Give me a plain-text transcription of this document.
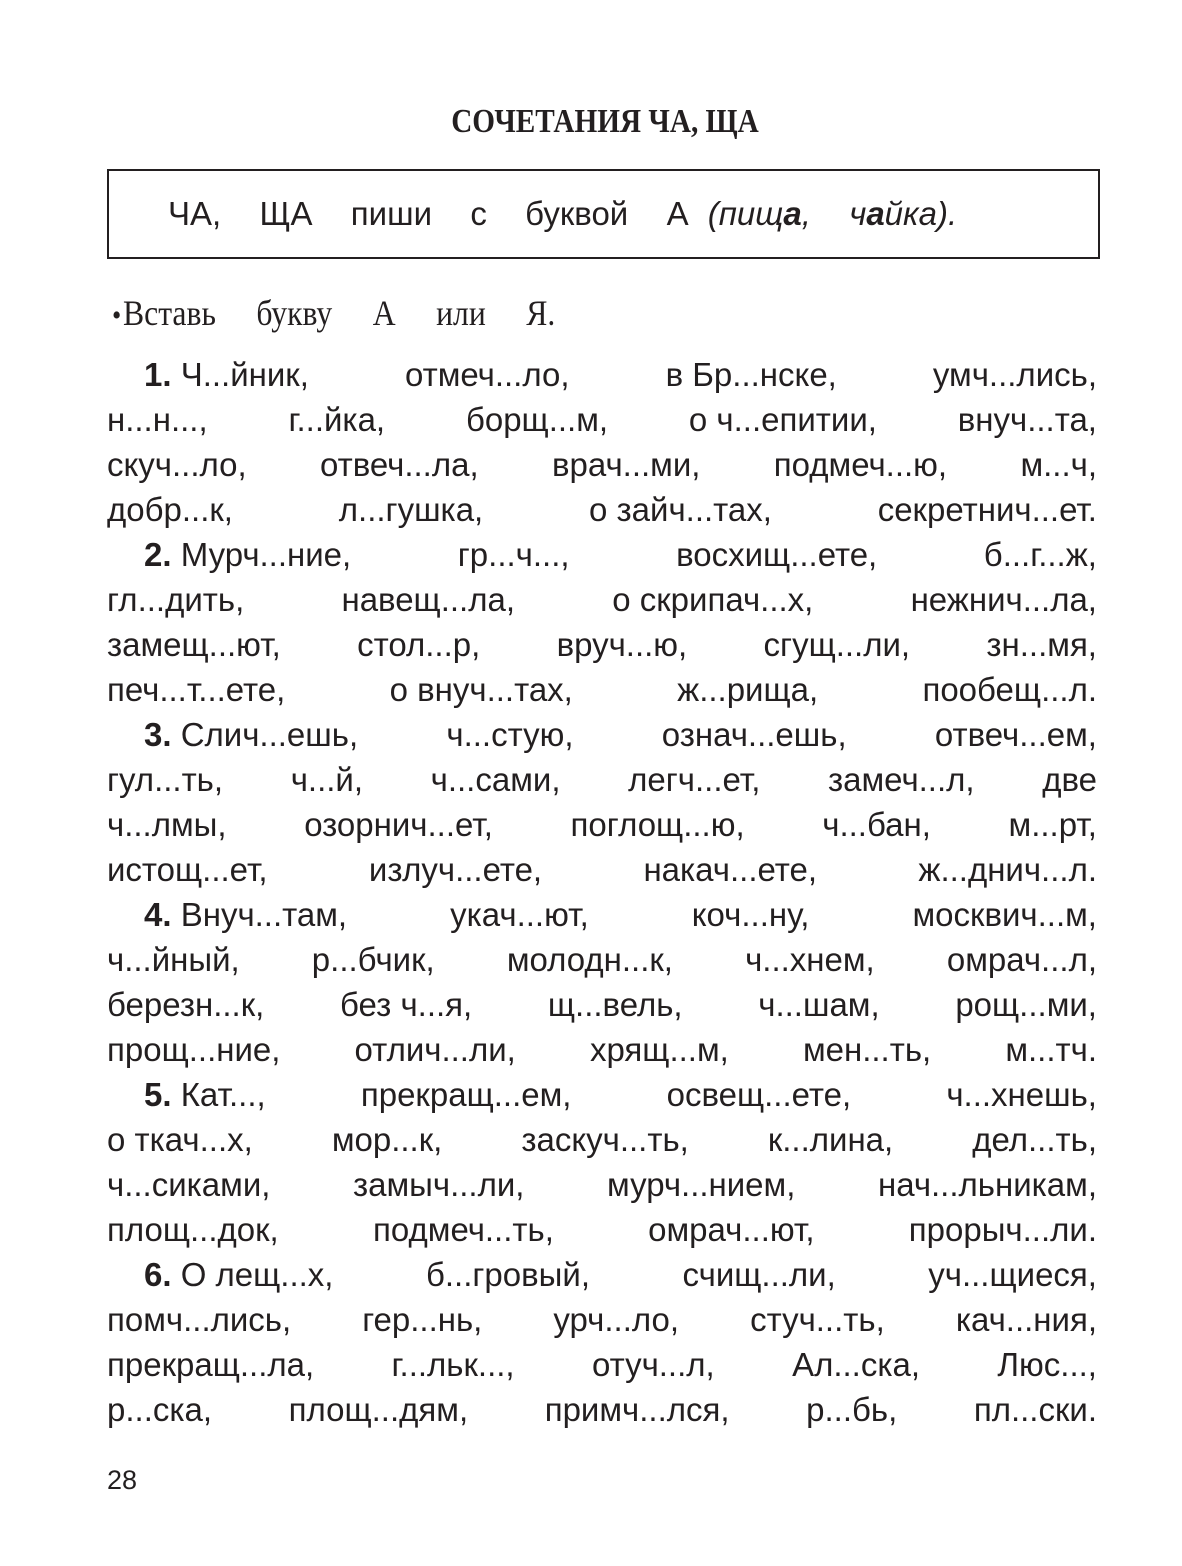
СОЧЕТАНИЯ ЧА, ЩА
ЧА,  ЩА  пиши  с  буквой  А (пища,  чайка).
•Вставь  букву  А  или  Я.
1. Ч...йник,	отмеч...ло,	в Бр...нске,	умч...лись,
н...н..., г...йка, борщ...м, о ч...епитии, внуч...та,
скуч...ло, отвеч...ла, врач...ми, подмеч...ю, м...ч,
добр...к,	л...гушка,	о зайч...тах,	секретнич...ет.
2. Мурч...ние,	гр...ч...,	восхищ...ете,	б...г...ж,
гл...дить,	навещ...ла,	о скрипач...х,	нежнич...ла,
замещ...ют, стол...р, вруч...ю, сгущ...ли, зн...мя,
печ...т...ете,	о внуч...тах,	ж...рища,	пообещ...л.
3. Слич...ешь,	ч...стую,	означ...ешь,	отвеч...ем,
гул...ть, ч...й, ч...сами, легч...ет, замеч...л, две
ч...лмы, озорнич...ет, поглощ...ю, ч...бан, м...рт,
истощ...ет,	излуч...ете,	накач...ете,	ж...днич...л.
4. Внуч...там,	укач...ют,	коч...ну,	москвич...м,
ч...йный, р...бчик, молодн...к, ч...хнем, омрач...л,
березн...к, без ч...я, щ...вель, ч...шам, рощ...ми,
прощ...ние, отлич...ли, хрящ...м, мен...ть, м...тч.
5. Кат...,	прекращ...ем,	освещ...ете,	ч...хнешь,
о ткач...х, мор...к, заскуч...ть, к...лина, дел...ть,
ч...сиками,	замыч...ли,	мурч...нием,	нач...льникам,
площ...док,	подмеч...ть,	омрач...ют,	прорыч...ли.
6. О лещ...х,	б...гровый,	счищ...ли,	уч...щиеся,
помч...лись, гер...нь, урч...ло, стуч...ть, кач...ния,
прекращ...ла, г...льк..., отуч...л, Ал...ска, Люс...,
р...ска, площ...дям, примч...лся, р...бь, пл...ски.
28
